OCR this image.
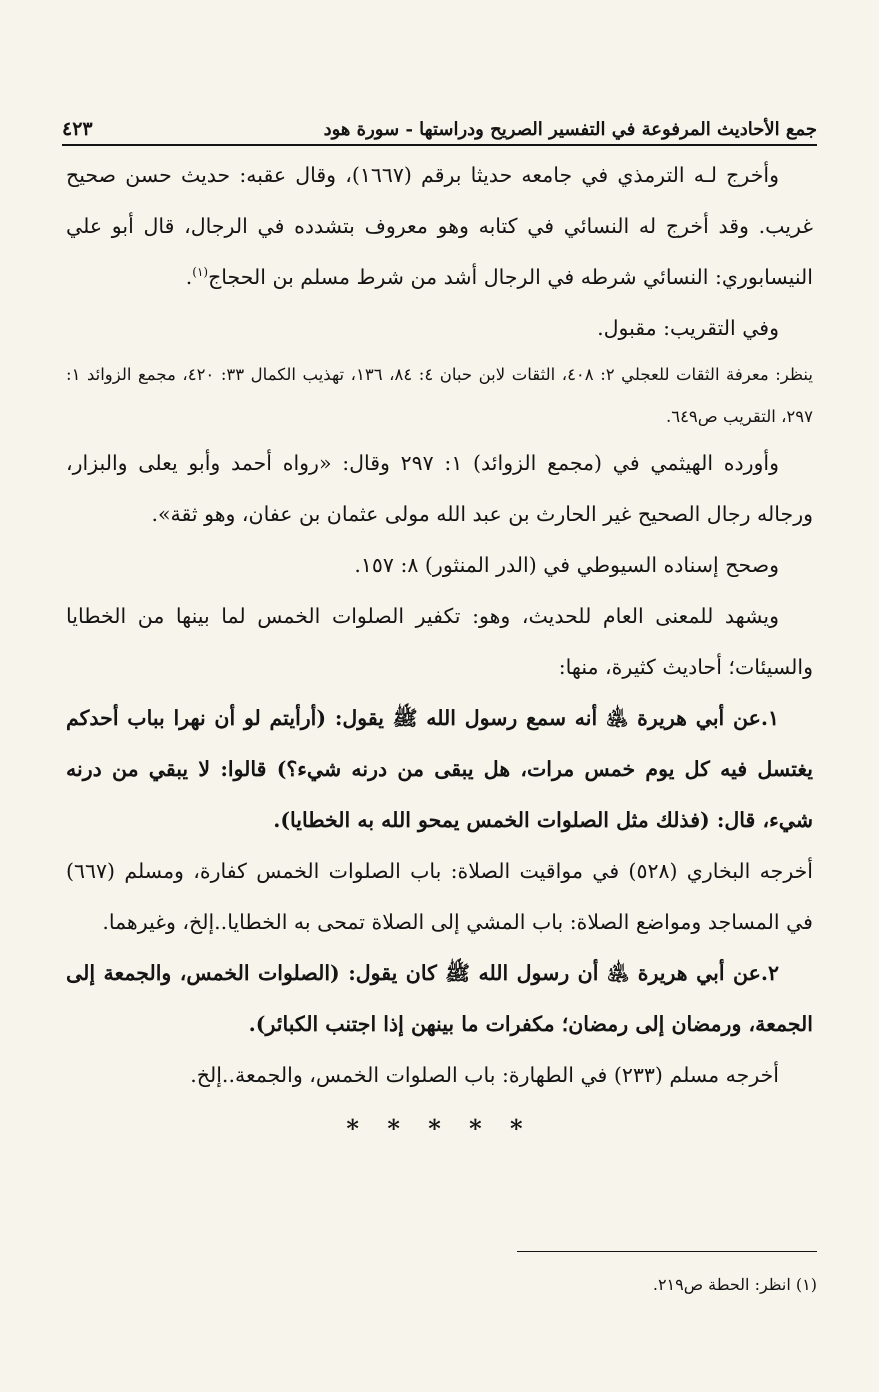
جمع الأحاديث المرفوعة في التفسير الصريح ودراستها - سورة هود
٤٢٣

وأخرج لـه الترمذي في جامعه حديثا برقم (١٦٦٧)، وقال عقبه: حديث حسن صحيح غريب. وقد أخرج له النسائي في كتابه وهو معروف بتشدده في الرجال، قال أبو علي النيسابوري: النسائي شرطه في الرجال أشد من شرط مسلم بن الحجاج$^{(١)}$.

وفي التقريب: مقبول.

ينظر: معرفة الثقات للعجلي ٢: ٤٠٨، الثقات لابن حبان ٤: ٨٤، ١٣٦، تهذيب الكمال ٣٣: ٤٢٠، مجمع الزوائد ١: ٢٩٧، التقريب ص٦٤٩.

وأورده الهيثمي في (مجمع الزوائد) ١: ٢٩٧ وقال: «رواه أحمد وأبو يعلى والبزار، ورجاله رجال الصحيح غير الحارث بن عبد الله مولى عثمان بن عفان، وهو ثقة».

وصحح إسناده السيوطي في (الدر المنثور) ٨: ١٥٧.

ويشهد للمعنى العام للحديث، وهو: تكفير الصلوات الخمس لما بينها من الخطايا والسيئات؛ أحاديث كثيرة، منها:

١.عن أبي هريرة ﵁ أنه سمع رسول الله ﷺ يقول: (أرأيتم لو أن نهرا بباب أحدكم يغتسل فيه كل يوم خمس مرات، هل يبقى من درنه شيء؟) قالوا: لا يبقي من درنه شيء، قال: (فذلك مثل الصلوات الخمس يمحو الله به الخطايا).

أخرجه البخاري (٥٢٨) في مواقيت الصلاة: باب الصلوات الخمس كفارة، ومسلم (٦٦٧) في المساجد ومواضع الصلاة: باب المشي إلى الصلاة تمحى به الخطايا..إلخ، وغيرهما.

٢.عن أبي هريرة ﵁ أن رسول الله ﷺ كان يقول: (الصلوات الخمس، والجمعة إلى الجمعة، ورمضان إلى رمضان؛ مكفرات ما بينهن إذا اجتنب الكبائر).

أخرجه مسلم (٢٣٣) في الطهارة: باب الصلوات الخمس، والجمعة..إلخ.

* * * * *
(١) انظر: الحطة ص٢١٩.
